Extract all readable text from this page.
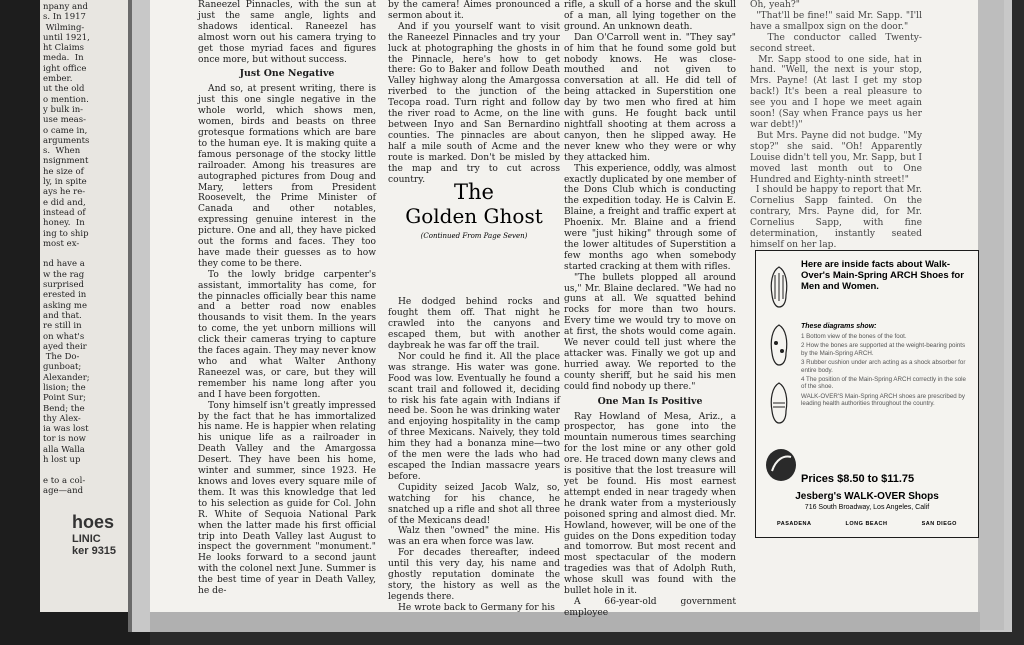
npany and
s. In 1917
Wilming-
until 1921,
ht Claims
meda.  In
ight office
ember.
ut the old
o mention.
y bulk in-
use meas-
o came in,
arguments
s.  When
nsignment
he size of
ly, in spite
ays he re-
e did and,
instead of
honey.  In
ing to ship
most ex-

nd have a
w the rag
surprised
erested in
asking me
and that.
re still in
on what's
ayed their
The Do-
gunboat;
Alexander;
lision; the
Point Sur;
Bend; the
thy Alex-
ia was lost
tor is now
alla Walla
h lost up

e to a col-
age—and
hoes
LINIC
ker 9315

Raneezel Pinnacles, with the sun at just the same angle, lights and shadows identical. Raneezel has almost worn out his camera trying to get those myriad faces and figures once more, but without success.

Just One Negative

And so, at present writing, there is just this one single negative in the whole world, which shows men, women, birds and beasts on three grotesque formations which are bare to the human eye. It is making quite a famous personage of the stocky little railroader. Among his treasures are autographed pictures from Doug and Mary, letters from President Roosevelt, the Prime Minister of Canada and other notables, expressing genuine interest in the picture. One and all, they have picked out the forms and faces. They too have made their guesses as to how they come to be there.

To the lowly bridge carpenter's assistant, immortality has come, for the pinnacles officially bear this name and a better road now enables thousands to visit them. In the years to come, the yet unborn millions will click their cameras trying to capture the faces again. They may never know who and what Walter Anthony Raneezel was, or care, but they will remember his name long after you and I have been forgotten.

Tony himself isn't greatly impressed by the fact that he has immortalized his name. He is happier when relating his unique life as a railroader in Death Valley and the Amargossa Desert. They have been his home, winter and summer, since 1923. He knows and loves every square mile of them. It was this knowledge that led to his selection as guide for Col. John R. White of Sequoia National Park when the latter made his first official trip into Death Valley last August to inspect the government "monument." He looks forward to a second jaunt with the colonel next June. Summer is the best time of year in Death Valley, he de-

by the camera! Aimes pronounced a sermon about it.

And if you yourself want to visit the Raneezel Pinnacles and try your luck at photographing the ghosts in the Pinnacle, here's how to get there: Go to Baker and follow Death Valley highway along the Amargossa riverbed to the junction of the Tecopa road. Turn right and follow the river road to Acme, on the line between Inyo and San Bernardino counties. The pinnacles are about half a mile south of Acme and the route is marked. Don't be misled by the map and try to cut across country.

He dodged behind rocks and fought them off. That night he crawled into the canyons and escaped them, but with another daybreak he was far off the trail.

Nor could he find it. All the place was strange. His water was gone. Food was low. Eventually he found a scant trail and followed it, deciding to risk his fate again with Indians if need be. Soon he was drinking water and enjoying hospitality in the camp of three Mexicans. Naively, they told him they had a bonanza mine—two of the men were the lads who had escaped the Indian massacre years before.

Cupidity seized Jacob Walz, so, watching for his chance, he snatched up a rifle and shot all three of the Mexicans dead!

Walz then "owned" the mine. His was an era when force was law.

For decades thereafter, indeed until this very day, his name and ghostly reputation dominate the story, the history as well as the legends there.

He wrote back to Germany for his

The
Golden Ghost
(Continued From Page Seven)

rifle, a skull of a horse and the skull of a man, all lying together on the ground. An unknown death.

Dan O'Carroll went in. "They say" of him that he found some gold but nobody knows. He was close-mouthed and not given to conversation at all. He did tell of being attacked in Superstition one day by two men who fired at him with guns. He fought back until nightfall shooting at them across a canyon, then he slipped away. He never knew who they were or why they attacked him.

This experience, oddly, was almost exactly duplicated by one member of the Dons Club which is conducting the expedition today. He is Calvin E. Blaine, a freight and traffic expert at Phoenix. Mr. Blaine and a friend were "just hiking" through some of the lower altitudes of Superstition a few months ago when somebody started cracking at them with rifles.

"The bullets plopped all around us," Mr. Blaine declared. "We had no guns at all. We squatted behind rocks for more than two hours. Every time we would try to move on at first, the shots would come again. We never could tell just where the attacker was. Finally we got up and hurried away. We reported to the county sheriff, but he said his men could find nobody up there."

One Man Is Positive

Ray Howland of Mesa, Ariz., a prospector, has gone into the mountain numerous times searching for the lost mine or any other gold ore. He traced down many clews and is positive that the lost treasure will yet be found. His most earnest attempt ended in near tragedy when he drank water from a mysteriously poisoned spring and almost died. Mr. Howland, however, will be one of the guides on the Dons expedition today and tomorrow. But most recent and most spectacular of the modern tragedies was that of Adolph Ruth, whose skull was found with the bullet hole in it.

A 66-year-old government employee

Oh, yeah?"
"That'll be fine!" said Mr. Sapp. "I'll have a smallpox sign on the door."
The conductor called Twenty-second street.
Mr. Sapp stood to one side, hat in hand. "Well, the next is your stop, Mrs. Payne! (At last I get my stop back!) It's been a real pleasure to see you and I hope we meet again soon! (Say when France pays us her war debt!)"
But Mrs. Payne did not budge. "My stop?" she said. "Oh! Apparently Louise didn't tell you, Mr. Sapp, but I moved last month out to One Hundred and Eighty-ninth street!"
I should be happy to report that Mr. Cornelius Sapp fainted. On the contrary, Mrs. Payne did, for Mr. Cornelius Sapp, with fine determination, instantly seated himself on her lap.

Here are inside facts about Walk-Over's Main-Spring ARCH Shoes for Men and Women.
These diagrams show:
1 Bottom view of the bones of the foot.
2 How the bones are supported at the weight-bearing points by the Main-Spring ARCH.
3 Rubber cushion under arch acting as a shock absorber for entire body.
4 The position of the Main-Spring ARCH correctly in the sole of the shoe.
WALK-OVER'S Main-Spring ARCH shoes are prescribed by leading health authorities throughout the country.
Prices $8.50 to $11.75
Jesberg's WALK-OVER Shops
716 South Broadway, Los Angeles, Calif
PASADENA	LONG BEACH	SAN DIEGO
